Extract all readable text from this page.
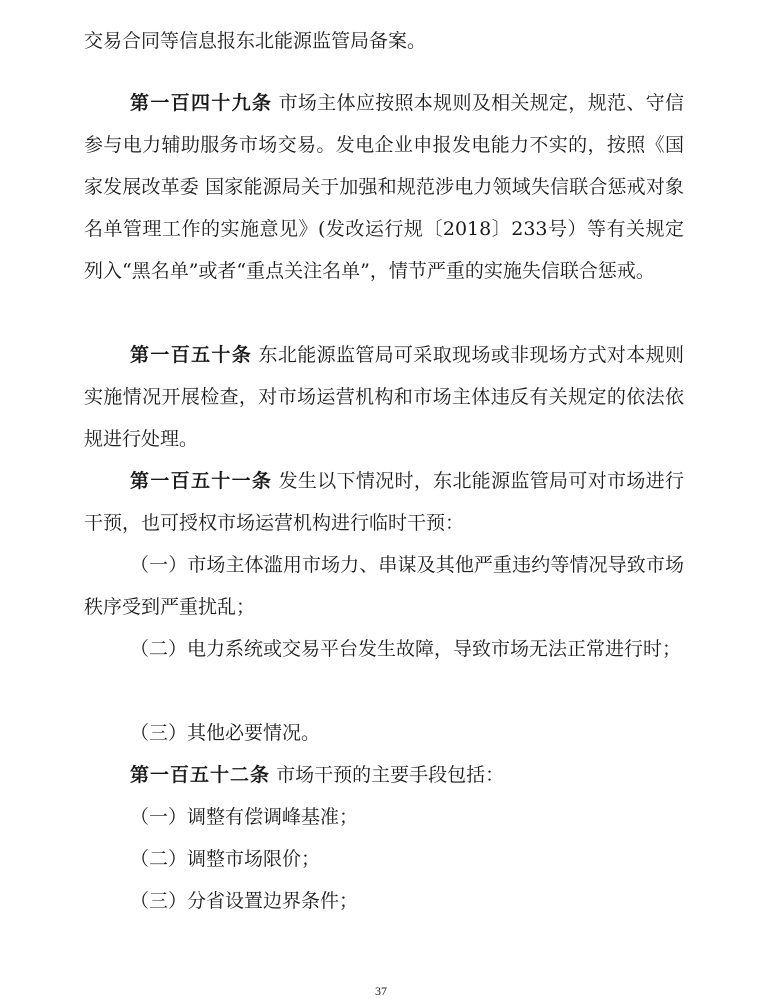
交易合同等信息报东北能源监管局备案。

第一百四十九条 市场主体应按照本规则及相关规定，规范、守信参与电力辅助服务市场交易。发电企业申报发电能力不实的，按照《国家发展改革委 国家能源局关于加强和规范涉电力领域失信联合惩戒对象名单管理工作的实施意见》(发改运行规〔2018〕233号）等有关规定列入“黑名单”或者“重点关注名单”，情节严重的实施失信联合惩戒。

第一百五十条 东北能源监管局可采取现场或非现场方式对本规则实施情况开展检查，对市场运营机构和市场主体违反有关规定的依法依规进行处理。

第一百五十一条 发生以下情况时，东北能源监管局可对市场进行干预，也可授权市场运营机构进行临时干预：

（一）市场主体滥用市场力、串谋及其他严重违约等情况导致市场秩序受到严重扰乱；

（二）电力系统或交易平台发生故障，导致市场无法正常进行时；

（三）其他必要情况。

第一百五十二条 市场干预的主要手段包括：

（一）调整有偿调峰基准；

（二）调整市场限价；

（三）分省设置边界条件；

37
